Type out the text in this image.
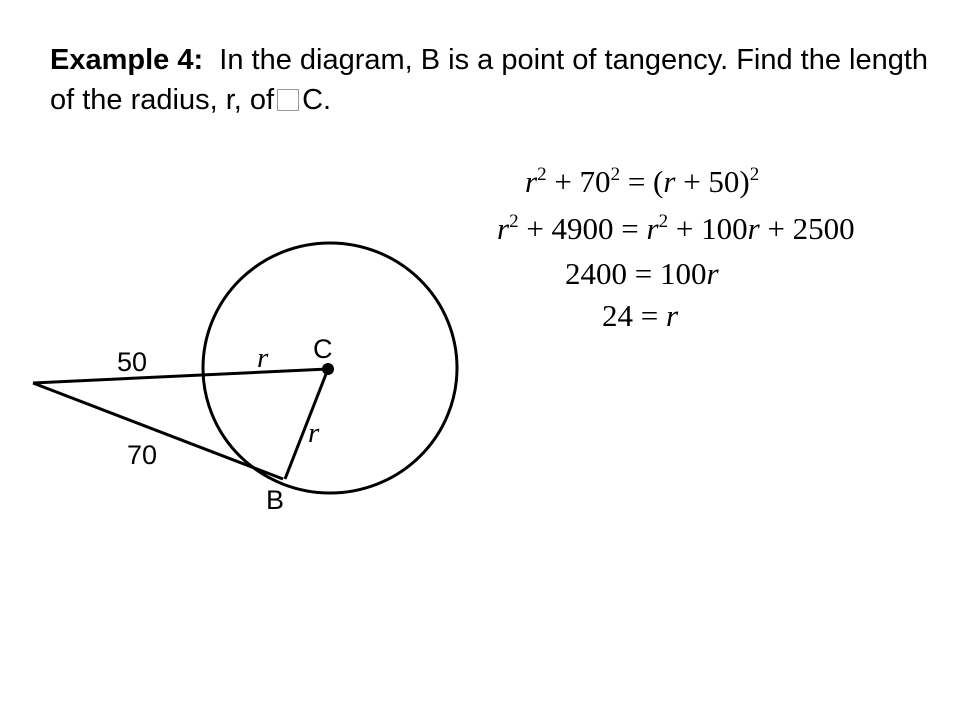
Example 4: In the diagram, B is a point of tangency. Find the length of the radius, r, of C.

$r^2 + 70^2 = (r + 50)^2$

$r^2 + 4900 = r^2 + 100r + 2500$

2400 = 100r

24 = r

50
70
C
B
r
r
